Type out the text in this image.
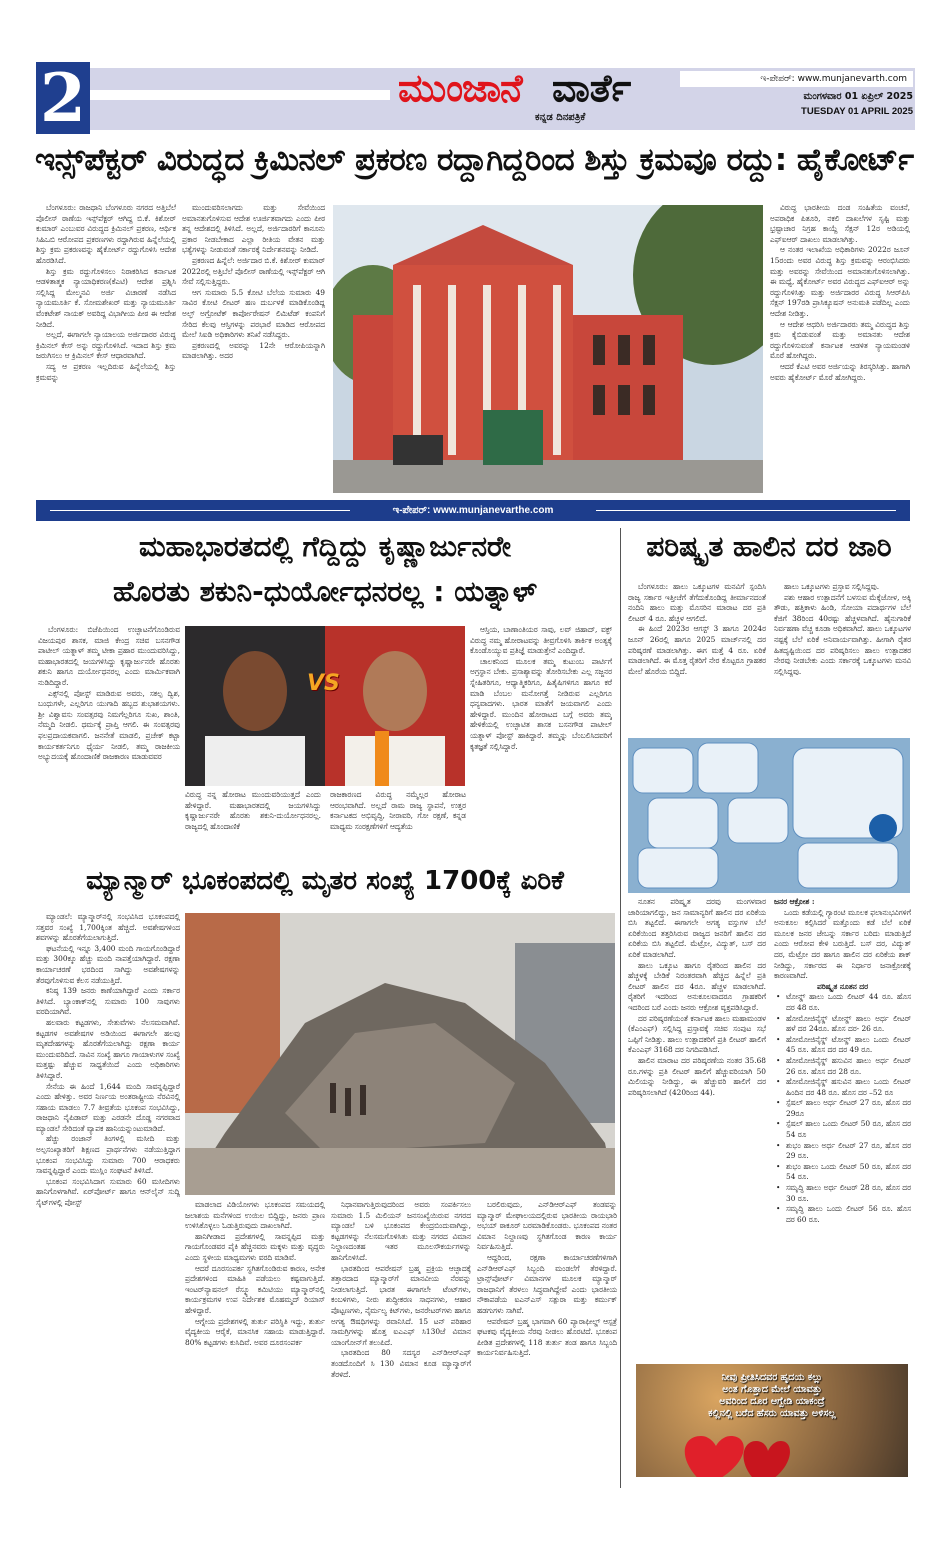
2	ಮುಂಜಾನೆ ವಾರ್ತೆ
ಕನ್ನಡ ದಿನಪತ್ರಿಕೆ
ಇ-ಪೇಪರ್: www.munjanevarth.com
ಮಂಗಳವಾರ 01 ಏಪ್ರಿಲ್ 2025
TUESDAY 01 APRIL 2025
ಇನ್ಸ್‌ಪೆಕ್ಟರ್ ವಿರುದ್ಧದ ಕ್ರಿಮಿನಲ್ ಪ್ರಕರಣ ರದ್ದಾಗಿದ್ದರಿಂದ ಶಿಸ್ತು ಕ್ರಮವೂ ರದ್ದು: ಹೈಕೋರ್ಟ್

ಬೆಂಗಳೂರು: ರಾಜಧಾನಿ ಬೆಂಗಳೂರು ನಗರದ ಅತ್ತಿಬೆಲೆ ಪೊಲೀಸ್ ಠಾಣೆಯ ಇನ್ಸ್‌ಪೆಕ್ಟರ್ ಆಗಿದ್ದ ಬಿ.ಕೆ. ಕಿಶೋರ್ ಕುಮಾರ್ ಎಂಬುವರ ವಿರುದ್ಧದ ಕ್ರಿಮಿನಲ್ ಪ್ರಕರಣ, ಆರ್ಥಿಕ ಸಿಹಿಒಬಿ ಆರೋಪದ ಪ್ರಕರಣಗಳು ರದ್ದಾಗಿರುವ ಹಿನ್ನೆಲೆಯಲ್ಲಿ ಶಿಸ್ತು ಕ್ರಮ ಪ್ರಕರಣವನ್ನು ಹೈಕೋರ್ಟ್ ರದ್ದುಗೊಳಿಸಿ ಆದೇಶ ಹೊರಡಿಸಿದೆ.

ಶಿಸ್ತು ಕ್ರಮ ರದ್ದುಗೊಳಿಸಲು ನಿರಾಕರಿಸಿದ ಕರ್ನಾಟಕ ಆಡಳಿತಾತ್ಮಕ ನ್ಯಾಯಾಧಿಕರಣ(ಕೆಎಟಿ) ಆದೇಶ ಪ್ರಶ್ನಿಸಿ ಸಲ್ಲಿಸಿದ್ದ ಮೇಲ್ಮನವಿ ಅರ್ಜಿ ವಿಚಾರಣೆ ನಡೆಸಿದ ನ್ಯಾಯಮೂರ್ತಿ ಕೆ. ಸೋಮಶೇಖರ್ ಮತ್ತು ನ್ಯಾಯಮೂರ್ತಿ ವೆಂಕಟೇಶ್ ನಾಯಕ್ ಅವರಿದ್ದ ವಿಭಾಗೀಯ ಪೀಠ ಈ ಆದೇಶ ನೀಡಿದೆ.

ಅಲ್ಲದೆ, ಈಗಾಗಲೇ ನ್ಯಾಯಾಲಯ ಅರ್ಜಿದಾರರ ವಿರುದ್ಧ ಕ್ರಿಮಿನಲ್ ಕೇಸ್ ಅನ್ನು ರದ್ದುಗೊಳಿಸಿದೆ. ಇದಾದ ಶಿಸ್ತು ಕ್ರಮ ಜರುಗಿಸಲು ಆ ಕ್ರಿಮಿನಲ್ ಕೇಸ್ ಆಧಾರವಾಗಿದೆ.

ಸದ್ಯ ಆ ಪ್ರಕರಣ ಇಲ್ಲದಿರುವ ಹಿನ್ನೆಲೆಯಲ್ಲಿ ಶಿಸ್ತು ಕ್ರಮವನ್ನು

ಮುಂದುವರಿಸಲಾಗದು ಮತ್ತು ಸೇವೆಯಿಂದ ಅಮಾನತುಗೊಳಿಸುವ ಆದೇಶ ಊರ್ಜಿತವಾಗದು ಎಂದು ಪೀಠ ತನ್ನ ಆದೇಶದಲ್ಲಿ ತಿಳಿಸಿದೆ. ಅಲ್ಲದೆ, ಅರ್ಜಿದಾರರಿಗೆ ಕಾನೂನು ಪ್ರಕಾರ ನೀಡಬೇಕಾದ ಎಲ್ಲಾ ರೀತಿಯ ವೇತನ ಮತ್ತು ಭತ್ಯೆಗಳನ್ನು ನೀಡುವಂತೆ ಸರ್ಕಾರಕ್ಕೆ ನಿರ್ದೇಶನವನ್ನು ನೀಡಿದೆ.

ಪ್ರಕರಣದ ಹಿನ್ನೆಲೆ: ಅರ್ಜಿದಾರ ಬಿ.ಕೆ. ಕಿಶೋರ್ ಕುಮಾರ್ 2022ರಲ್ಲಿ ಅತ್ತಿಬೆಲೆ ಪೊಲೀಸ್ ಠಾಣೆಯಲ್ಲಿ ಇನ್ಸ್‌ಪೆಕ್ಟರ್ ಆಗಿ ಸೇವೆ ಸಲ್ಲಿಸುತ್ತಿದ್ದರು.

ಆಗ ಸುಮಾರು 5.5 ಕೋಟಿ ಬೆಲೆಯ ಸುಮಾರು 49 ಸಾವಿರ ಕೋಟಿ ಲೀಟರ್ ಹಣ ದುರ್ಬಳಕೆ ಮಾಡಿಕೊಂಡಿದ್ದ ಅಲ್ಫ್ ಅಗ್ರೋಟೆಕ್ ಕಾರ್ಪೋರೇಷನ್ ಲಿಮಿಟೆಡ್ ಕಂಪನಿಗೆ ಸೇರಿದ ಕೆಲವು ಆಸ್ತಿಗಳನ್ನು ಪರಭಾರೆ ಮಾಡಿದ ಆರೋಪದ ಮೇಲೆ ಸಿಐಡಿ ಅಧಿಕಾರಿಗಳು ತನಿಖೆ ನಡೆಸಿದ್ದರು.

ಪ್ರಕರಣದಲ್ಲಿ ಅವರನ್ನು 12ನೇ ಆರೋಪಿಯನ್ನಾಗಿ ಮಾಡಲಾಗಿತ್ತು. ಅದರ

ವಿರುದ್ಧ ಭಾರತೀಯ ದಂಡ ಸಂಹಿತೆಯ ವಂಚನೆ, ಅಪರಾಧಿಕ ಪಿತೂರಿ, ನಕಲಿ ದಾಖಲೆಗಳ ಸೃಷ್ಟಿ ಮತ್ತು ಭ್ರಷ್ಟಾಚಾರ ನಿಗ್ರಹ ಕಾಯ್ದೆ ಸೆಕ್ಷನ್ 12ರ ಅಡಿಯಲ್ಲಿ ಎಫ್‌ಐಆರ್ ದಾಖಲು ಮಾಡಲಾಗಿತ್ತು.

ಆ ನಂತರ ಇಲಾಖೆಯ ಅಧಿಕಾರಿಗಳು 2022ರ ಜೂನ್ 15ರಂದು ಅವರ ವಿರುದ್ಧ ಶಿಸ್ತು ಕ್ರಮವನ್ನು ಆರಂಭಿಸಿದರು ಮತ್ತು ಅವರನ್ನು ಸೇವೆಯಿಂದ ಅಮಾನತುಗೊಳಿಸಲಾಗಿತ್ತು. ಈ ಮಧ್ಯೆ, ಹೈಕೋರ್ಟ್ ಅವರ ವಿರುದ್ಧದ ಎಫ್‌ಐಆರ್ ಅನ್ನು ರದ್ದುಗೊಳಿಸಿತ್ತು ಮತ್ತು ಅರ್ಜಿದಾರರ ವಿರುದ್ಧ ಸಿಆರ್‌ಪಿಸಿ ಸೆಕ್ಷನ್ 197ರಡಿ ಪ್ರಾಸಿಕ್ಯೂಷನ್ ಅನುಮತಿ ಪಡೆದಿಲ್ಲ ಎಂದು ಆದೇಶ ನೀಡಿತ್ತು.

ಆ ಆದೇಶ ಆಧರಿಸಿ ಅರ್ಜಿದಾರರು ತಮ್ಮ ವಿರುದ್ಧದ ಶಿಸ್ತು ಕ್ರಮ ಕೈಬಿಡುವಂತೆ ಮತ್ತು ಅಮಾನತು ಆದೇಶ ರದ್ದುಗೊಳಿಸುವಂತೆ ಕರ್ನಾಟಕ ಆಡಳಿತ ನ್ಯಾಯಮಂಡಳಿ ಮೊರೆ ಹೋಗಿದ್ದರು.

ಆದರೆ ಕೆಎಟಿ ಅವರ ಅರ್ಜಿಯನ್ನು ತಿರಸ್ಕರಿಸಿತ್ತು. ಹಾಗಾಗಿ ಅವರು ಹೈಕೋರ್ಟ್ ಮೊರೆ ಹೋಗಿದ್ದರು.

ಇ-ಪೇಪರ್: www.munjanevarthe.com
ಮಹಾಭಾರತದಲ್ಲಿ ಗೆದ್ದಿದ್ದು ಕೃಷ್ಣಾರ್ಜುನರೇ
ಹೊರತು ಶಕುನಿ-ಧುರ್ಯೋಧನರಲ್ಲ : ಯತ್ನಾಳ್

ಬೆಂಗಳೂರು: ಬಿಜೆಪಿಯಿಂದ ಉಚ್ಛಾಟನೆಗೊಂಡಿರುವ ವಿಜಯಪುರ ಶಾಸಕ, ಮಾಜಿ ಕೇಂದ್ರ ಸಚಿವ ಬಸನಗೌಡ ಪಾಟೀಲ್ ಯತ್ನಾಳ್ ತಮ್ಮ ಟೀಕಾ ಪ್ರಹಾರ ಮುಂದುವರಿಸಿದ್ದು, ಮಹಾಭಾರತದಲ್ಲಿ ಜಯಗಳಿಸಿದ್ದು ಕೃಷ್ಣಾರ್ಜುನರೇ ಹೊರತು ಶಕುನಿ ಹಾಗೂ ದುರ್ಯೋಧನರಲ್ಲ ಎಂದು ಮಾರ್ಮಿಕವಾಗಿ ನುಡಿದಿದ್ದಾರೆ.

ಎಕ್ಸ್‌ನಲ್ಲಿ ಪೋಸ್ಟ್ ಮಾಡಿರುವ ಅವರು, ಸಕಲ್ಪ ದ್ವಿಶ, ಬಂಧುಗಳೇ, ಎಲ್ಲರಿಗೂ ಯುಗಾದಿ ಹಬ್ಬದ ಶುಭಾಶಯಗಳು. ಶ್ರೀ ವಿಶ್ವಾವಸು ಸಂವತ್ಸರವು ನಿಮಗೆಲ್ಲರಿಗೂ ಸುಖ, ಶಾಂತಿ, ನೆಮ್ಮದಿ ನೀಡಲಿ. ಧರ್ಮಕ್ಕೆ ಪ್ರಾಪ್ತಿ ಆಗಲಿ. ಈ ಸಂವತ್ಸರವು ಫಲಪ್ರದಾಯಕವಾಗಲಿ. ಜನನೇತೆ ಮಾಡಲಿ, ಪ್ರಚೇಕ್ ಕಟ್ಟಾ ಕಾರ್ಯಕರ್ತನಿಗೂ ಧೈರ್ಯ ನೀಡಲಿ, ತಮ್ಮ ರಾಜಕೀಯ ಅಭ್ಯುದಯಕ್ಕೆ ಹೊಂದಾಣಿಕೆ ರಾಜಕಾರಣ ಮಾಡುವವರ

VS
ವಿರುದ್ಧ ನನ್ನ ಹೋರಾಟ ಮುಂದುವರಿಯುತ್ತದೆ ಎಂದು ಹೇಳಿದ್ದಾರೆ. ಮಹಾಭಾರತದಲ್ಲಿ ಜಯಗಳಿಸಿದ್ದು ಕೃಷ್ಣಾರ್ಜುನರೇ ಹೊರತು ಶಕುನಿ-ದುರ್ಯೋಧನರಲ್ಲ. ರಾಜ್ಯದಲ್ಲಿ ಹೊಂದಾಣಿಕೆ
ರಾಜಕಾರಣದ ವಿರುದ್ಧ ನಮ್ಮೆಲ್ಲರ ಹೋರಾಟ ಆರಂಭವಾಗಿದೆ. ಅಲ್ಲದೆ ರಾಮ ರಾಜ್ಯ ಸ್ಥಾಪನೆ, ಉತ್ತರ ಕರ್ನಾಟಕದ ಅಭಿವೃದ್ಧಿ, ನೀರಾವರಿ, ಗೋ ರಕ್ಷಣೆ, ಕನ್ನಡ ಮಾಧ್ಯಮ ಸಂರಕ್ಷಣೆಗಳಿಗೆ ಆದ್ಯತೆಯ

ಆಸ್ತಿಯ, ಬಾಣಾಂತಿಯರ ಸಾವು, ಲವ್ ಜಿಹಾದ್, ವಕ್ಫ್ ವಿರುದ್ಧ ನಮ್ಮ ಹೋರಾಟವನ್ನು ತೀವ್ರಗೊಳಿಸಿ ತಾರ್ಕಿಕ ಅಂತ್ಯಕ್ಕೆ ಕೊಂಡೊಯ್ಯುವ ಪ್ರತಿಜ್ಞೆ ಮಾಡುತ್ತೇನೆ ಎಂದಿದ್ದಾರೆ.

ಚಾಲಕನಿಂದ ಮೂಲಕ ತಮ್ಮ ಕುಟುಂಬ ಪಾರ್ಟಿಗೆ ಅಗ್ರಸ್ಥಾನ ಬೇಕು. ಪ್ರಸಾಶ್ಯಾವನ್ನು ತೋರಿಸಬೇಕು ಎಲ್ಲ ಸಜ್ಜನರ ಸ್ನೇಹಿತರಿಗೂ, ಆಧ್ಯಾತ್ಮಿಕರಿಗೂ, ಹಿತೈಷಿಗಳಿಗೂ ಹಾಗೂ ಕರೆ ಮಾಡಿ ಬೆಂಬಲ ಮನೋಗತ್ತೆ ನೀಡಿರುವ ಎಲ್ಲರಿಗೂ ಧನ್ಯವಾದಗಳು. ಭಾರತ ಮಾತೆಗೆ ಜಯವಾಗಲಿ ಎಂದು ಹೇಳಿದ್ದಾರೆ. ಮುಂದಿನ ಹೋರಾಟದ ಬಗ್ಗೆ ಅವರು ತಮ್ಮ ಹೇಳಿಕೆಯಲ್ಲಿ ಉಚ್ಛಾಟಿತ ಶಾಸಕ ಬಸನಗೌಡ ಪಾಟೀಲ್ ಯತ್ನಾಳ್ ಪೋಸ್ಟ್ ಹಾಕಿದ್ದಾರೆ. ತಮ್ಮನ್ನು ಬೆಂಬಲಿಸಿದವರಿಗೆ ಕೃತಜ್ಞತೆ ಸಲ್ಲಿಸಿದ್ದಾರೆ.

ಪರಿಷ್ಕೃತ ಹಾಲಿನ ದರ ಜಾರಿ

ಬೆಂಗಳೂರು: ಹಾಲು ಒಕ್ಕೂಟಗಳ ಮನವಿಗೆ ಸ್ಪಂದಿಸಿ ರಾಜ್ಯ ಸರ್ಕಾರ ಇತ್ತೀಚೆಗೆ ತೆಗೆದುಕೊಂಡಿದ್ದ ತೀರ್ಮಾನದಂತೆ ನಂದಿನಿ ಹಾಲು ಮತ್ತು ಮೊಸರಿನ ಮಾರಾಟ ದರ ಪ್ರತಿ ಲೀಟರ್ 4 ರೂ. ಹೆಚ್ಚಳ ಆಗಲಿದೆ.

ಈ ಹಿಂದೆ 2023ರ ಆಗಸ್ಟ್ 3 ಹಾಗೂ 2024ರ ಜೂನ್ 26ರಲ್ಲಿ ಹಾಗೂ 2025 ಮಾರ್ಚ್‌ನಲ್ಲಿ ದರ ಪರಿಷ್ಕರಣೆ ಮಾಡಲಾಗಿತ್ತು. ಈಗ ಮತ್ತೆ 4 ರೂ. ಏರಿಕೆ ಮಾಡಲಾಗಿದೆ. ಈ ಮೊತ್ತ ರೈತರಿಗೆ ನೇರ ಕೊಟ್ಟರೂ ಗ್ರಾಹಕರ ಮೇಲೆ ಹೊರೆಯ ಬಿದ್ದಿದೆ.

ಹಾಲು ಒಕ್ಕೂಟಗಳು ಪ್ರಸ್ತಾವ ಸಲ್ಲಿಸಿದ್ದವು.

ಪಶು ಆಹಾರ ಉತ್ಪಾದನೆಗೆ ಬಳಸುವ ಮೆಕ್ಕೆಜೋಳ, ಅಕ್ಕಿ ತೌಡು, ಹತ್ತಿಕಾಳು ಹಿಂಡಿ, ಸೋಯಾ ಪದಾರ್ಥಗಳ ಬೆಲೆ ಕೆಜಿಗೆ 38ರಿಂದ 40ರಷ್ಟು ಹೆಚ್ಚಳವಾಗಿದೆ. ಹೈನುಗಾರಿಕೆ ನಿರ್ವಹಣಾ ವೆಚ್ಚ ಕೂಡಾ ಅಧಿಕವಾಗಿದೆ. ಹಾಲು ಒಕ್ಕೂಟಗಳ ನಷ್ಟಕ್ಕೆ ಬೆಲೆ ಏರಿಕೆ ಅನಿವಾರ್ಯವಾಗಿತ್ತು. ಹೀಗಾಗಿ ರೈತರ ಹಿತದೃಷ್ಟಿಯಿಂದ ದರ ಪರಿಷ್ಕರಿಸಲು ಹಾಲು ಉತ್ಪಾದಕರ ನೇರವು ನೀಡಬೇಕು ಎಂದು ಸರ್ಕಾರಕ್ಕೆ ಒಕ್ಕೂಟಗಳು ಮನವಿ ಸಲ್ಲಿಸಿದ್ದವು.

ನೂತನ ಪರಿಷ್ಕೃತ ದರವು ಮಂಗಳವಾರ ಜಾರಿಯಾಗಲಿದ್ದು, ಜನ ಸಾಮಾನ್ಯರಿಗೆ ಹಾಲಿನ ದರ ಏರಿಕೆಯ ಬಿಸಿ ತಟ್ಟಲಿದೆ. ಈಗಾಗಲೇ ಅಗತ್ಯ ವಸ್ತುಗಳ ಬೆಲೆ ಏರಿಕೆಯಿಂದ ತತ್ತರಿಸಿರುವ ರಾಜ್ಯದ ಜನರಿಗೆ ಹಾಲಿನ ದರ ಏರಿಕೆಯ ಬಿಸಿ ತಟ್ಟಲಿದೆ. ಮೆಟ್ರೋ, ವಿದ್ಯುತ್, ಬಸ್ ದರ ಏರಿಕೆ ಮಾಡಲಾಗಿದೆ.

ಹಾಲು ಒಕ್ಕೂಟ ಹಾಗೂ ರೈತರಿಂದ ಹಾಲಿನ ದರ ಹೆಚ್ಚಳಕ್ಕೆ ಬೇಡಿಕೆ ನಿರಂತರವಾಗಿ ಹೆಚ್ಚಿದ ಹಿನ್ನೆಲೆ ಪ್ರತಿ ಲೀಟರ್ ಹಾಲಿನ ದರ 4ರೂ. ಹೆಚ್ಚಳ ಮಾಡಲಾಗಿದೆ. ರೈತರಿಗೆ ಇದರಿಂದ ಅನುಕೂಲವಾದರೂ ಗ್ರಾಹಕರಿಗೆ ಇದರಿಂದ ಬರೆ ಎಂದು ಜನರು ಆಕ್ರೋಶ ವ್ಯಕ್ತಪಡಿಸಿದ್ದಾರೆ.

ದರ ಪರಿಷ್ಕರಣೆಯಂತೆ ಕರ್ನಾಟಕ ಹಾಲು ಮಹಾಮಂಡಳ (ಕೆಎಂಎಫ್) ಸಲ್ಲಿಸಿದ್ದ ಪ್ರಸ್ತಾವಕ್ಕೆ ಸಚಿವ ಸಂಪುಟ ಸಭೆ ಒಪ್ಪಿಗೆ ನೀಡಿತ್ತು. ಹಾಲು ಉತ್ಪಾದಕರಿಗೆ ಪ್ರತಿ ಲೀಟರ್ ಹಾಲಿಗೆ ಕೆಎಂಎಫ್ 3168 ದರ ನಿಗದಿಪಡಿಸಿದೆ.

ಹಾಲಿನ ಮಾರಾಟ ದರ ಪರಿಷ್ಕರಣೆಯ ನಂತರ 35.68 ರೂ.ಗಳನ್ನು ಪ್ರತಿ ಲೀಟರ್ ಹಾಲಿಗೆ ಹೆಚ್ಚುವರಿಯಾಗಿ 50 ಮಿಲಿಯನ್ನು ನೀಡಿದ್ದು, ಈ ಹೆಚ್ಚುವರಿ ಹಾಲಿಗೆ ದರ ಪರಿಷ್ಕರಿಸಲಾಗಿದೆ (420ರಿಂದ 44).

ಜನರ ಆಕ್ರೋಶ :

ಒಂದು ಕಡೆಯಲ್ಲಿ ಗ್ಯಾರಂಟಿ ಮೂಲಕ ಫಲಾನುಭವಿಗಳಿಗೆ ಅನುಕೂಲ ಕಲ್ಪಿಸಿದರೆ ಮತ್ತೊಂದು ಕಡೆ ಬೆಲೆ ಏರಿಕೆ ಮೂಲಕ ಜನರ ಜೇಬನ್ನು ಸರ್ಕಾರ ಬರಿದು ಮಾಡುತ್ತಿದೆ ಎಂದು ಆರೋಪ ಕೇಳಿ ಬರುತ್ತಿದೆ. ಬಸ್ ದರ, ವಿದ್ಯುತ್ ದರ, ಮೆಟ್ರೋ ದರ ಹಾಗೂ ಹಾಲಿನ ದರ ಏರಿಕೆಯ ಶಾಕ್ ನೀಡಿದ್ದು, ಸರ್ಕಾರದ ಈ ನಿರ್ಧಾರ ಜನಾಕ್ರೋಶಕ್ಕೆ ಕಾರಣವಾಗಿದೆ.

ಪರಿಷ್ಕೃತ ನೂತನ ದರ
• ಟೋನ್ಡ್ ಹಾಲು ಒಂದು ಲೀಟರ್ 44 ರೂ. ಹೊಸ ದರ 48 ರೂ.
• ಹೋಮೋಜಿನೈಸ್ಡ್ ಟೋನ್ಡ್ ಹಾಲು ಅರ್ಧ ಲೀಟರ್ ಹಳೆ ದರ 24ರೂ. ಹೊಸ ದರ- 26 ರೂ.
• ಹೋಮೋಜಿನೈಸ್ಡ್ ಟೋನ್ಡ್ ಹಾಲು ಒಂದು ಲೀಟರ್ 45 ರೂ. ಹೊಸ ದರ ದರ 49 ರೂ.
• ಹೋಮೋಜಿನೈಸ್ಡ್ ಹಸುವಿನ ಹಾಲು ಅರ್ಧ ಲೀಟರ್ 26 ರೂ. ಹೊಸ ದರ 28 ರೂ.
• ಹೋಮೋಜಿನೈಸ್ಡ್ ಹಸುವಿನ ಹಾಲು ಒಂದು ಲೀಟರ್ ಹಿಂದಿನ ದರ 48 ರೂ. ಹೊಸ ದರ –52 ರೂ
• ಸ್ಪೆಷಲ್ ಹಾಲು ಅರ್ಧ ಲೀಟರ್ 27 ರೂ, ಹೊಸ ದರ 29ರೂ
• ಸ್ಪೆಷಲ್ ಹಾಲು ಒಂದು ಲೀಟರ್ 50 ರೂ, ಹೊಸ ದರ 54 ರೂ
• ಶುಭಂ ಹಾಲು ಅರ್ಧ ಲೀಟರ್ 27 ರೂ, ಹೊಸ ದರ 29 ರೂ.
• ಶುಭಂ ಹಾಲು ಒಂದು ಲೀಟರ್ 50 ರೂ, ಹೊಸ ದರ 54 ರೂ.
• ಸಮೃದ್ಧಿ ಹಾಲು ಅರ್ಧ ಲೀಟರ್ 28 ರೂ, ಹೊಸ ದರ 30 ರೂ.
• ಸಮೃದ್ಧಿ ಹಾಲು ಒಂದು ಲೀಟರ್ 56 ರೂ. ಹೊಸ ದರ 60 ರೂ.
ಮ್ಯಾನ್ಮಾರ್ ಭೂಕಂಪದಲ್ಲಿ ಮೃತರ ಸಂಖ್ಯೆ 1700ಕ್ಕೆ ಏರಿಕೆ

ಮ್ಯಾಂಡಲೆ: ಮ್ಯಾನ್ಮಾರ್‌ನಲ್ಲಿ ಸಂಭವಿಸಿದ ಭೂಕಂಪದಲ್ಲಿ ಸತ್ತವರ ಸಂಖ್ಯೆ 1,700ಕ್ಕಿಂತ ಹೆಚ್ಚಿದೆ. ಅವಶೇಷಗಳಿಂದ ಶವಗಳನ್ನು ಹೊರತೆಗೆಯಲಾಗುತ್ತಿದೆ.

ಘಟನೆಯಲ್ಲಿ ಇನ್ನೂ 3,400 ಮಂದಿ ಗಾಯಗೊಂಡಿದ್ದಾರೆ ಮತ್ತು 300ಕ್ಕೂ ಹೆಚ್ಚು ಮಂದಿ ನಾಪತ್ತೆಯಾಗಿದ್ದಾರೆ. ರಕ್ಷಣಾ ಕಾರ್ಯಾಚರಣೆ ಭರದಿಂದ ಸಾಗಿದ್ದು ಅವಶೇಷಗಳನ್ನು ತೆರವುಗೊಳಿಸುವ ಕೆಲಸ ನಡೆಯುತ್ತಿದೆ.

ಕನಿಷ್ಠ 139 ಜನರು ಕಾಣೆಯಾಗಿದ್ದಾರೆ ಎಂದು ಸರ್ಕಾರ ತಿಳಿಸಿದೆ. ಬ್ಯಾಂಕಾಕ್‌ನಲ್ಲಿ ಸುಮಾರು 100 ಸಾವುಗಳು ವರದಿಯಾಗಿವೆ.

ಹಲವಾರು ಕಟ್ಟಡಗಳು, ಸೇತುವೆಗಳು ನೆಲಸಮವಾಗಿವೆ. ಕಟ್ಟಡಗಳ ಅವಶೇಷಗಳ ಅಡಿಯಿಂದ ಈಗಾಗಲೇ ಹಲವು ಮೃತದೇಹಗಳನ್ನು ಹೊರತೆಗೆಯಲಾಗಿದ್ದು ರಕ್ಷಣಾ ಕಾರ್ಯ ಮುಂದುವರಿದಿದೆ. ಸಾವಿನ ಸಂಖ್ಯೆ ಹಾಗೂ ಗಾಯಾಳುಗಳ ಸಂಖ್ಯೆ ಮತ್ತಷ್ಟು ಹೆಚ್ಚುವ ಸಾಧ್ಯತೆಯಿದೆ ಎಂದು ಅಧಿಕಾರಿಗಳು ತಿಳಿಸಿದ್ದಾರೆ.

ಸೇನೆಯ ಈ ಹಿಂದೆ 1,644 ಮಂದಿ ಸಾವನ್ನಪ್ಪಿದ್ದಾರೆ ಎಂದು ಹೇಳಿತ್ತು. ಅವರ ನಿರ್ಣಯ ಅಂತರಾಷ್ಟ್ರೀಯ ನೆರವಿನಲ್ಲಿ ಸಹಾಯ ಮಾಡಲು 7.7 ತೀವ್ರತೆಯ ಭೂಕಂಪ ಸಂಭವಿಸಿದ್ದು, ರಾಜಧಾನಿ ನೈಪಿಡಾವ್ ಮತ್ತು ಎರಡನೇ ದೊಡ್ಡ ನಗರವಾದ ಮ್ಯಾಂಡಲೆ ಸೇರಿದಂತೆ ವ್ಯಾಪಕ ಹಾನಿಯನ್ನುಂಟುಮಾಡಿದೆ.

ಹೆಚ್ಚು ರಂಜಾನ್ ತಿಂಗಳಲ್ಲಿ ಮಸೀದಿ ಮತ್ತು ಅಲ್ಪಸಂಖ್ಯಾತರಿಗೆ ಶಿಕ್ಷಣದ ಪ್ರಾರ್ಥನೆಗಳು ನಡೆಯುತ್ತಿದ್ದಾಗ ಭೂಕಂಪ ಸಂಭವಿಸಿದ್ದು ಸುಮಾರು 700 ಆರಾಧಕರು ಸಾವನ್ನಪ್ಪಿದ್ದಾರೆ ಎಂದು ಮುಸ್ಲಿಂ ಸಂಘಟನೆ ತಿಳಿಸಿದೆ.

ಭೂಕಂಪ ಸಂಭವಿಸಿದಾಗ ಸುಮಾರು 60 ಮಸೀದಿಗಳು ಹಾನಿಗೊಳಗಾಗಿವೆ. ಏರ್‌ಪೋರ್ಟ್ ಹಾಗೂ ಆನ್‌ಲೈನ್ ಸುದ್ದಿ ಸೈಟ್‌ಗಳಲ್ಲಿ ಪೋಸ್ಟ್	ಮಾಡಲಾದ ವಿಡಿಯೋಗಳು ಭೂಕಂಪದ ಸಮಯದಲ್ಲಿ ಜಲಾಶಯ ಮನೆಗಳಿಂದ ಉಯಿಲ ಬಿದ್ದಿದ್ದು, ಜನರು ಪ್ರಾಣ ಉಳಿಸಿಕೊಳ್ಳಲು ಓಡುತ್ತಿರುವುದು ದಾಖಲಾಗಿದೆ.

ಹಾನಿಗೀಡಾದ ಪ್ರದೇಶಗಳಲ್ಲಿ ಸಾವನ್ನಪ್ಪಿದ ಮತ್ತು ಗಾಯಗೊಂಡವರ ಪೈಕಿ ಹೆಚ್ಚಿನವರು ಮಕ್ಕಳು ಮತ್ತು ವೃದ್ಧರು ಎಂದು ಸ್ಥಳೀಯ ಮಾಧ್ಯಮಗಳು ವರದಿ ಮಾಡಿವೆ.

ಆದರೆ ದೂರಸಂಪರ್ಕ ಸ್ಥಗಿತಗೊಂಡಿರುವ ಕಾರಣ, ಅನೇಕ ಪ್ರದೇಶಗಳಿಂದ ಮಾಹಿತಿ ಪಡೆಯಲು ಕಷ್ಟವಾಗುತ್ತಿದೆ. ಇಂಟರ್‌ನ್ಯಾಷನಲ್ ರೆಸ್ಕ್ಯೂ ಕಮಿಟಿಯು ಮ್ಯಾನ್ಮಾರ್‌ನಲ್ಲಿ ಕಾರ್ಯಕ್ರಮಗಳ ಉಪ ನಿರ್ದೇಶಕ ಮೊಹಮ್ಮದ್ ರಿಯಾಸ್ ಹೇಳಿದ್ದಾರೆ.

ಆಗ್ನೇಯ ಪ್ರದೇಶಗಳಲ್ಲಿ ತುರ್ತು ಪರಿಸ್ಥಿತಿ ಇದ್ದು, ತುರ್ತು ವೈದ್ಯಕೀಯ ಆರೈಕೆ, ಮಾನಸಿಕ ಸಹಾಯ ಮಾಡುತ್ತಿದ್ದಾರೆ. 80% ಕಟ್ಟಡಗಳು ಕುಸಿದಿವೆ. ಅವರ ದೂರಸಂಪರ್ಕ

ನಿಧಾನವಾಗುತ್ತಿರುವುದರಿಂದ ಅವರು ಸಂಪರ್ಕಿಸಲು ಸುಮಾರು 1.5 ಮಿಲಿಯನ್ ಜನಸಂಖ್ಯೆಯಿರುವ ನಗರದ ಮ್ಯಾಂಡಲೆ ಬಳಿ ಭೂಕಂಪದ ಕೇಂದ್ರಬಿಂದುವಾಗಿದ್ದು, ಕಟ್ಟಡಗಳನ್ನು ನೆಲಸಮಗೊಳಿಸಿತು ಮತ್ತು ನಗರದ ವಿಮಾನ ನಿಲ್ದಾಣದಂತಹ ಇತರ ಮೂಲಸೌಕರ್ಯಗಳನ್ನು ಹಾನಿಗೊಳಿಸಿದೆ.

ಭಾರತದಿಂದ ಆಪರೇಷನ್ ಬ್ರಹ್ಮ ಪ್ರಕ್ರಿಯ ಆಚ್ಛಾದಕ್ಕೆ ತತ್ತಾರದಾದ ಮ್ಯಾನ್ಮಾರ್‌ಗೆ ಮಾನವೀಯ ನೆರವನ್ನು ನೀಡಲಾಗುತ್ತಿದೆ. ಭಾರತ ಈಗಾಗಲೇ ಟೆಂಟ್‌ಗಳು, ಕಂಬಳಿಗಳು, ನೀರು ಶುದ್ಧೀಕರಣ ಸಾಧನಗಳು, ಆಹಾರ ಪೊಟ್ಟಣಗಳು, ನೈರ್ಮಲ್ಯ ಕಿಟ್‌ಗಳು, ಜನರೇಟರ್‌ಗಳು ಹಾಗೂ ಅಗತ್ಯ ಔಷಧಿಗಳನ್ನು ರವಾನಿಸಿದೆ. 15 ಟನ್ ಪರಿಹಾರ ಸಾಮಗ್ರಿಗಳನ್ನು ಹೊತ್ತ ಐಎಎಫ್ ಸಿ130ಜೆ ವಿಮಾನ ಯಾಂಗೋನ್‌ಗೆ ತಲುಪಿದೆ.

ಭಾರತದಿಂದ 80 ಸದಸ್ಯರ ಎನ್‌ಡಿಆರ್‌ಎಫ್ ತಂಡದೊಂದಿಗೆ ಸಿ 130 ವಿಮಾನ ಕೂಡ ಮ್ಯಾನ್ಮಾರ್‌ಗೆ ತೆರಳಿದೆ.

ಬರಲಿರುವುದು, ಎನ್‌ಡಿಆರ್‌ಎಫ್ ತಂಡವನ್ನು ಮ್ಯಾನ್ಮಾರ್ ಮೇಘಾಲಯದಲ್ಲಿರುವ ಭಾರತೀಯ ರಾಯಭಾರಿ ಅಭಯ್ ಠಾಕೂರ್ ಬರಮಾಡಿಕೊಂಡರು. ಭೂಕಂಪದ ನಂತರ ವಿಮಾನ ನಿಲ್ದಾಣವು ಸ್ಥಗಿತಗೊಂಡ ಕಾರಣ ಕಾರ್ಯ ನಿರ್ವಹಿಸುತ್ತಿದೆ.

ಆದ್ದರಿಂದ, ರಕ್ಷಣಾ ಕಾರ್ಯಾಚರಣೆಗಳಿಗಾಗಿ ಎನ್‌ಡಿಆರ್‌ಎಫ್ ಸಿಬ್ಬಂದಿ ಮಂಡಲೆಗೆ ತೆರಳಿದ್ದಾರೆ. ಟ್ರಾನ್ಸ್‌ಪೋರ್ಟ್ ವಿಮಾನಗಳ ಮೂಲಕ ಮ್ಯಾನ್ಮಾರ್ ರಾಜಧಾನಿಗೆ ತೆರಳಲು ಸಿದ್ಧವಾಗಿದ್ದೇವೆ ಎಂದು ಭಾರತೀಯ ನೌಕಾಪಡೆಯ ಐಎನ್‌ಎಸ್ ಸತ್ಪುರಾ ಮತ್ತು ಕರ್ಮುಕ್ ಹಡಗುಗಳು ಸಾಗಿವೆ.

ಆಪರೇಷನ್ ಬ್ರಹ್ಮ ಭಾಗವಾಗಿ 60 ಪ್ಯಾರಾಫೀಲ್ಡ್ ಆಸ್ಪತ್ರೆ ಘಟಕವು ವೈದ್ಯಕೀಯ ನೆರವು ನೀಡಲು ಹೊರಟಿದೆ. ಭೂಕಂಪ ಪೀಡಿತ ಪ್ರದೇಶಗಳಲ್ಲಿ 118 ತುರ್ತು ತಂಡ ಹಾಗೂ ಸಿಬ್ಬಂದಿ ಕಾರ್ಯನಿರ್ವಹಿಸುತ್ತಿದೆ.

ನೀವು ಪ್ರೀತಿಸಿದವರ ಹೃದಯ ಕಲ್ಲು
ಅಂತ ಗೊತ್ತಾದ ಮೇಲೆ ಯಾವತ್ತು
ಅವರಿಂದ ದೂರ ಆಗ್ಬೇಡಿ ಯಾಕಂದ್ರೆ
ಕಲ್ಲಿನಲ್ಲಿ ಬರೆದ ಹೆಸರು ಯಾವತ್ತು ಅಳಿಸಲ್ಲ
